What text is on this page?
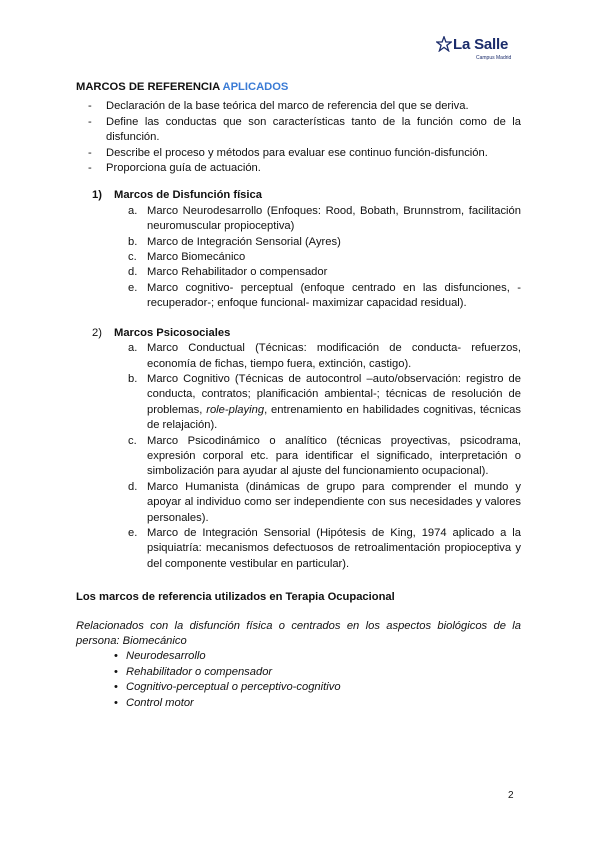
La Salle
Campus Madrid
MARCOS DE REFERENCIA APLICADOS
- Declaración de la base teórica del marco de referencia del que se deriva.
- Define las conductas que son características tanto de la función como de la disfunción.
- Describe el proceso y métodos para evaluar ese continuo función-disfunción.
- Proporciona guía de actuación.
1) Marcos de Disfunción física
a. Marco Neurodesarrollo (Enfoques: Rood, Bobath, Brunnstrom, facilitación neuromuscular propioceptiva)
b. Marco de Integración Sensorial (Ayres)
c. Marco Biomecánico
d. Marco Rehabilitador o compensador
e. Marco cognitivo- perceptual (enfoque centrado en las disfunciones, - recuperador-; enfoque funcional- maximizar capacidad residual).
2) Marcos Psicosociales
a. Marco Conductual (Técnicas: modificación de conducta- refuerzos, economía de fichas, tiempo fuera, extinción, castigo).
b. Marco Cognitivo (Técnicas de autocontrol –auto/observación: registro de conducta, contratos; planificación ambiental-; técnicas de resolución de problemas, role-playing, entrenamiento en habilidades cognitivas, técnicas de relajación).
c. Marco Psicodinámico o analítico (técnicas proyectivas, psicodrama, expresión corporal etc. para identificar el significado, interpretación o simbolización para ayudar al ajuste del funcionamiento ocupacional).
d. Marco Humanista (dinámicas de grupo para comprender el mundo y apoyar al individuo como ser independiente con sus necesidades y valores personales).
e. Marco de Integración Sensorial (Hipótesis de King, 1974 aplicado a la psiquiatría: mecanismos defectuosos de retroalimentación propioceptiva y del componente vestibular en particular).
Los marcos de referencia utilizados en Terapia Ocupacional
Relacionados con la disfunción física o centrados en los aspectos biológicos de la persona: Biomecánico
• Neurodesarrollo
• Rehabilitador o compensador
• Cognitivo-perceptual o perceptivo-cognitivo
• Control motor
2
